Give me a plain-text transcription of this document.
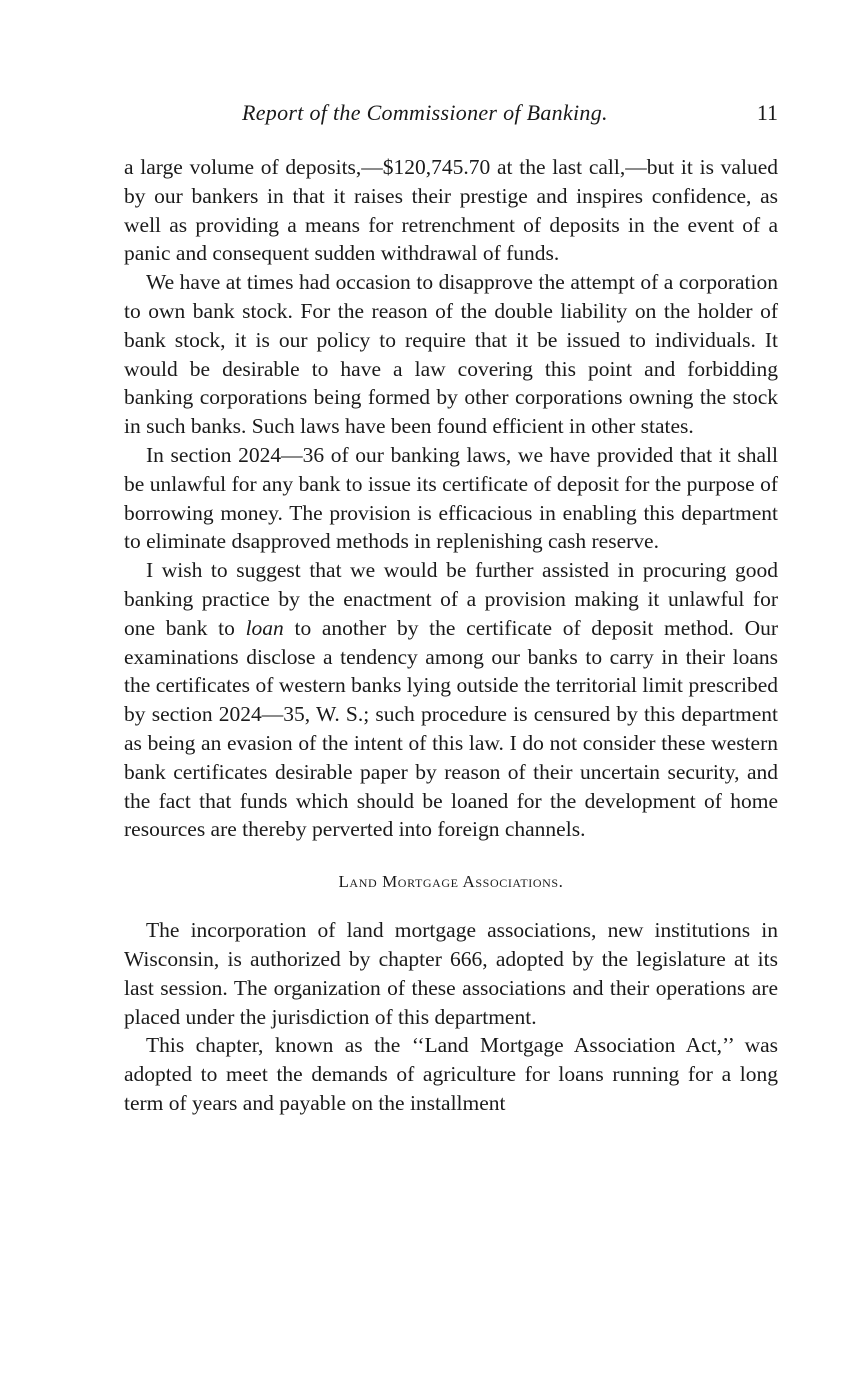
Report of the Commissioner of Banking.	11

a large volume of deposits,—$120,745.70 at the last call,—but it is valued by our bankers in that it raises their prestige and inspires confidence, as well as providing a means for retrenchment of deposits in the event of a panic and consequent sudden withdrawal of funds.

We have at times had occasion to disapprove the attempt of a corporation to own bank stock. For the reason of the double liability on the holder of bank stock, it is our policy to require that it be issued to individuals. It would be desirable to have a law covering this point and forbidding banking corporations being formed by other corporations owning the stock in such banks. Such laws have been found efficient in other states.

In section 2024—36 of our banking laws, we have provided that it shall be unlawful for any bank to issue its certificate of deposit for the purpose of borrowing money. The provision is efficacious in enabling this department to eliminate dsapproved methods in replenishing cash reserve.

I wish to suggest that we would be further assisted in procuring good banking practice by the enactment of a provision making it unlawful for one bank to loan to another by the certificate of deposit method. Our examinations disclose a tendency among our banks to carry in their loans the certificates of western banks lying outside the territorial limit prescribed by section 2024—35, W. S.; such procedure is censured by this department as being an evasion of the intent of this law. I do not consider these western bank certificates desirable paper by reason of their uncertain security, and the fact that funds which should be loaned for the development of home resources are thereby perverted into foreign channels.

Land Mortgage Associations.

The incorporation of land mortgage associations, new institutions in Wisconsin, is authorized by chapter 666, adopted by the legislature at its last session. The organization of these associations and their operations are placed under the jurisdiction of this department.

This chapter, known as the ‘‘Land Mortgage Association Act,’’ was adopted to meet the demands of agriculture for loans running for a long term of years and payable on the installment
